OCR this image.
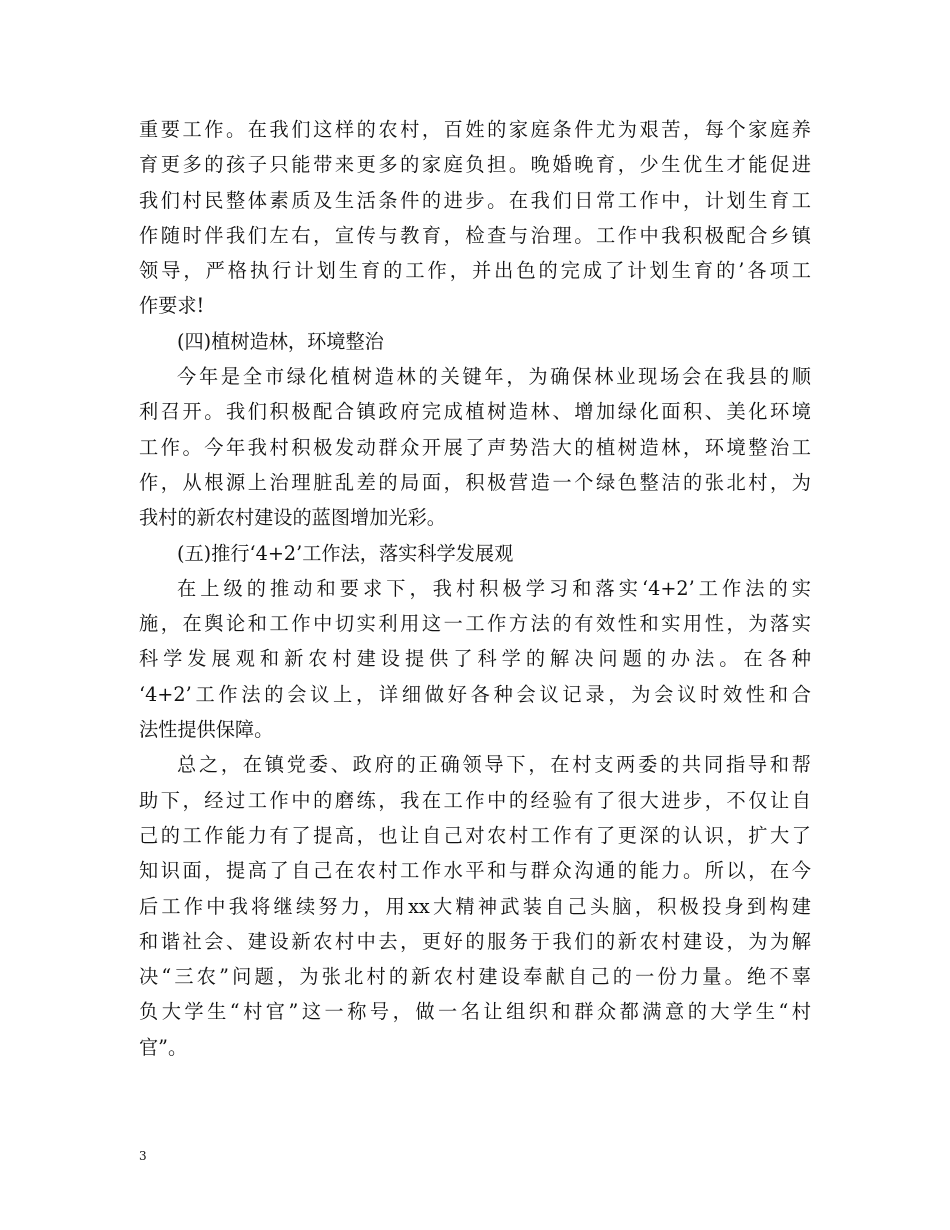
重要工作。在我们这样的农村，百姓的家庭条件尤为艰苦，每个家庭养
育更多的孩子只能带来更多的家庭负担。晚婚晚育，少生优生才能促进
我们村民整体素质及生活条件的进步。在我们日常工作中，计划生育工
作随时伴我们左右，宣传与教育，检查与治理。工作中我积极配合乡镇
领导，严格执行计划生育的工作，并出色的完成了计划生育的’各项工
作要求!
(四)植树造林，环境整治
今年是全市绿化植树造林的关键年，为确保林业现场会在我县的顺
利召开。我们积极配合镇政府完成植树造林、增加绿化面积、美化环境
工作。今年我村积极发动群众开展了声势浩大的植树造林，环境整治工
作，从根源上治理脏乱差的局面，积极营造一个绿色整洁的张北村，为
我村的新农村建设的蓝图增加光彩。
(五)推行‘4+2’工作法，落实科学发展观
在上级的推动和要求下，我村积极学习和落实‘4+2’工作法的实
施，在舆论和工作中切实利用这一工作方法的有效性和实用性，为落实
科学发展观和新农村建设提供了科学的解决问题的办法。在各种
‘4+2’工作法的会议上，详细做好各种会议记录，为会议时效性和合
法性提供保障。
总之，在镇党委、政府的正确领导下，在村支两委的共同指导和帮
助下，经过工作中的磨练，我在工作中的经验有了很大进步，不仅让自
己的工作能力有了提高，也让自己对农村工作有了更深的认识，扩大了
知识面，提高了自己在农村工作水平和与群众沟通的能力。所以，在今
后工作中我将继续努力，用xx大精神武装自己头脑，积极投身到构建
和谐社会、建设新农村中去，更好的服务于我们的新农村建设，为为解
决“三农”问题，为张北村的新农村建设奉献自己的一份力量。绝不辜
负大学生“村官”这一称号，做一名让组织和群众都满意的大学生“村
官”。
3
